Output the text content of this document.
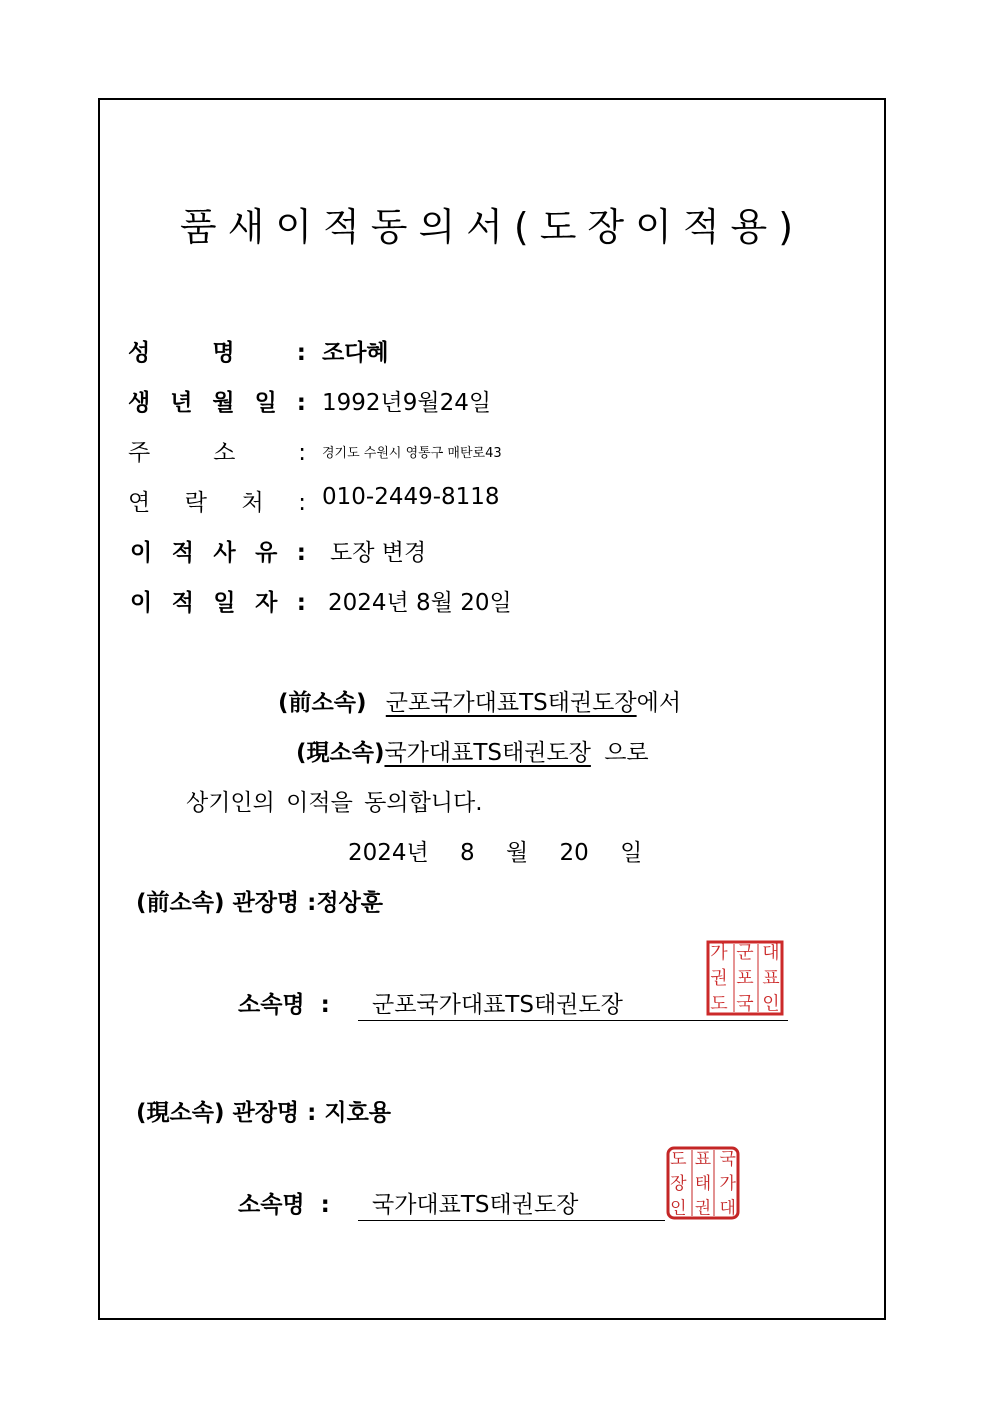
품새이적동의서(도장이적용)
성 명 : 조다혜
생 년 월 일 : 1992년9월24일
주 소 : 경기도 수원시 영통구 매탄로43
연 락 처 : 010-2449-8118
이 적 사 유 : 도장 변경
이 적 일 자 : 2024년 8월 20일
(前소속) 군포국가대표TS태권도장에서
(現소속)국가대표TS태권도장 으로
상기인의 이적을 동의합니다.
2024년 8 월 20 일
(前소속) 관장명 :정상훈
소속명 : 군포국가대표TS태권도장
대
표
인
군
포
국
가
권
도
(現소속) 관장명 : 지호용
소속명 : 국가대표TS태권도장
국
가
대
표
태
권
도
장
인
